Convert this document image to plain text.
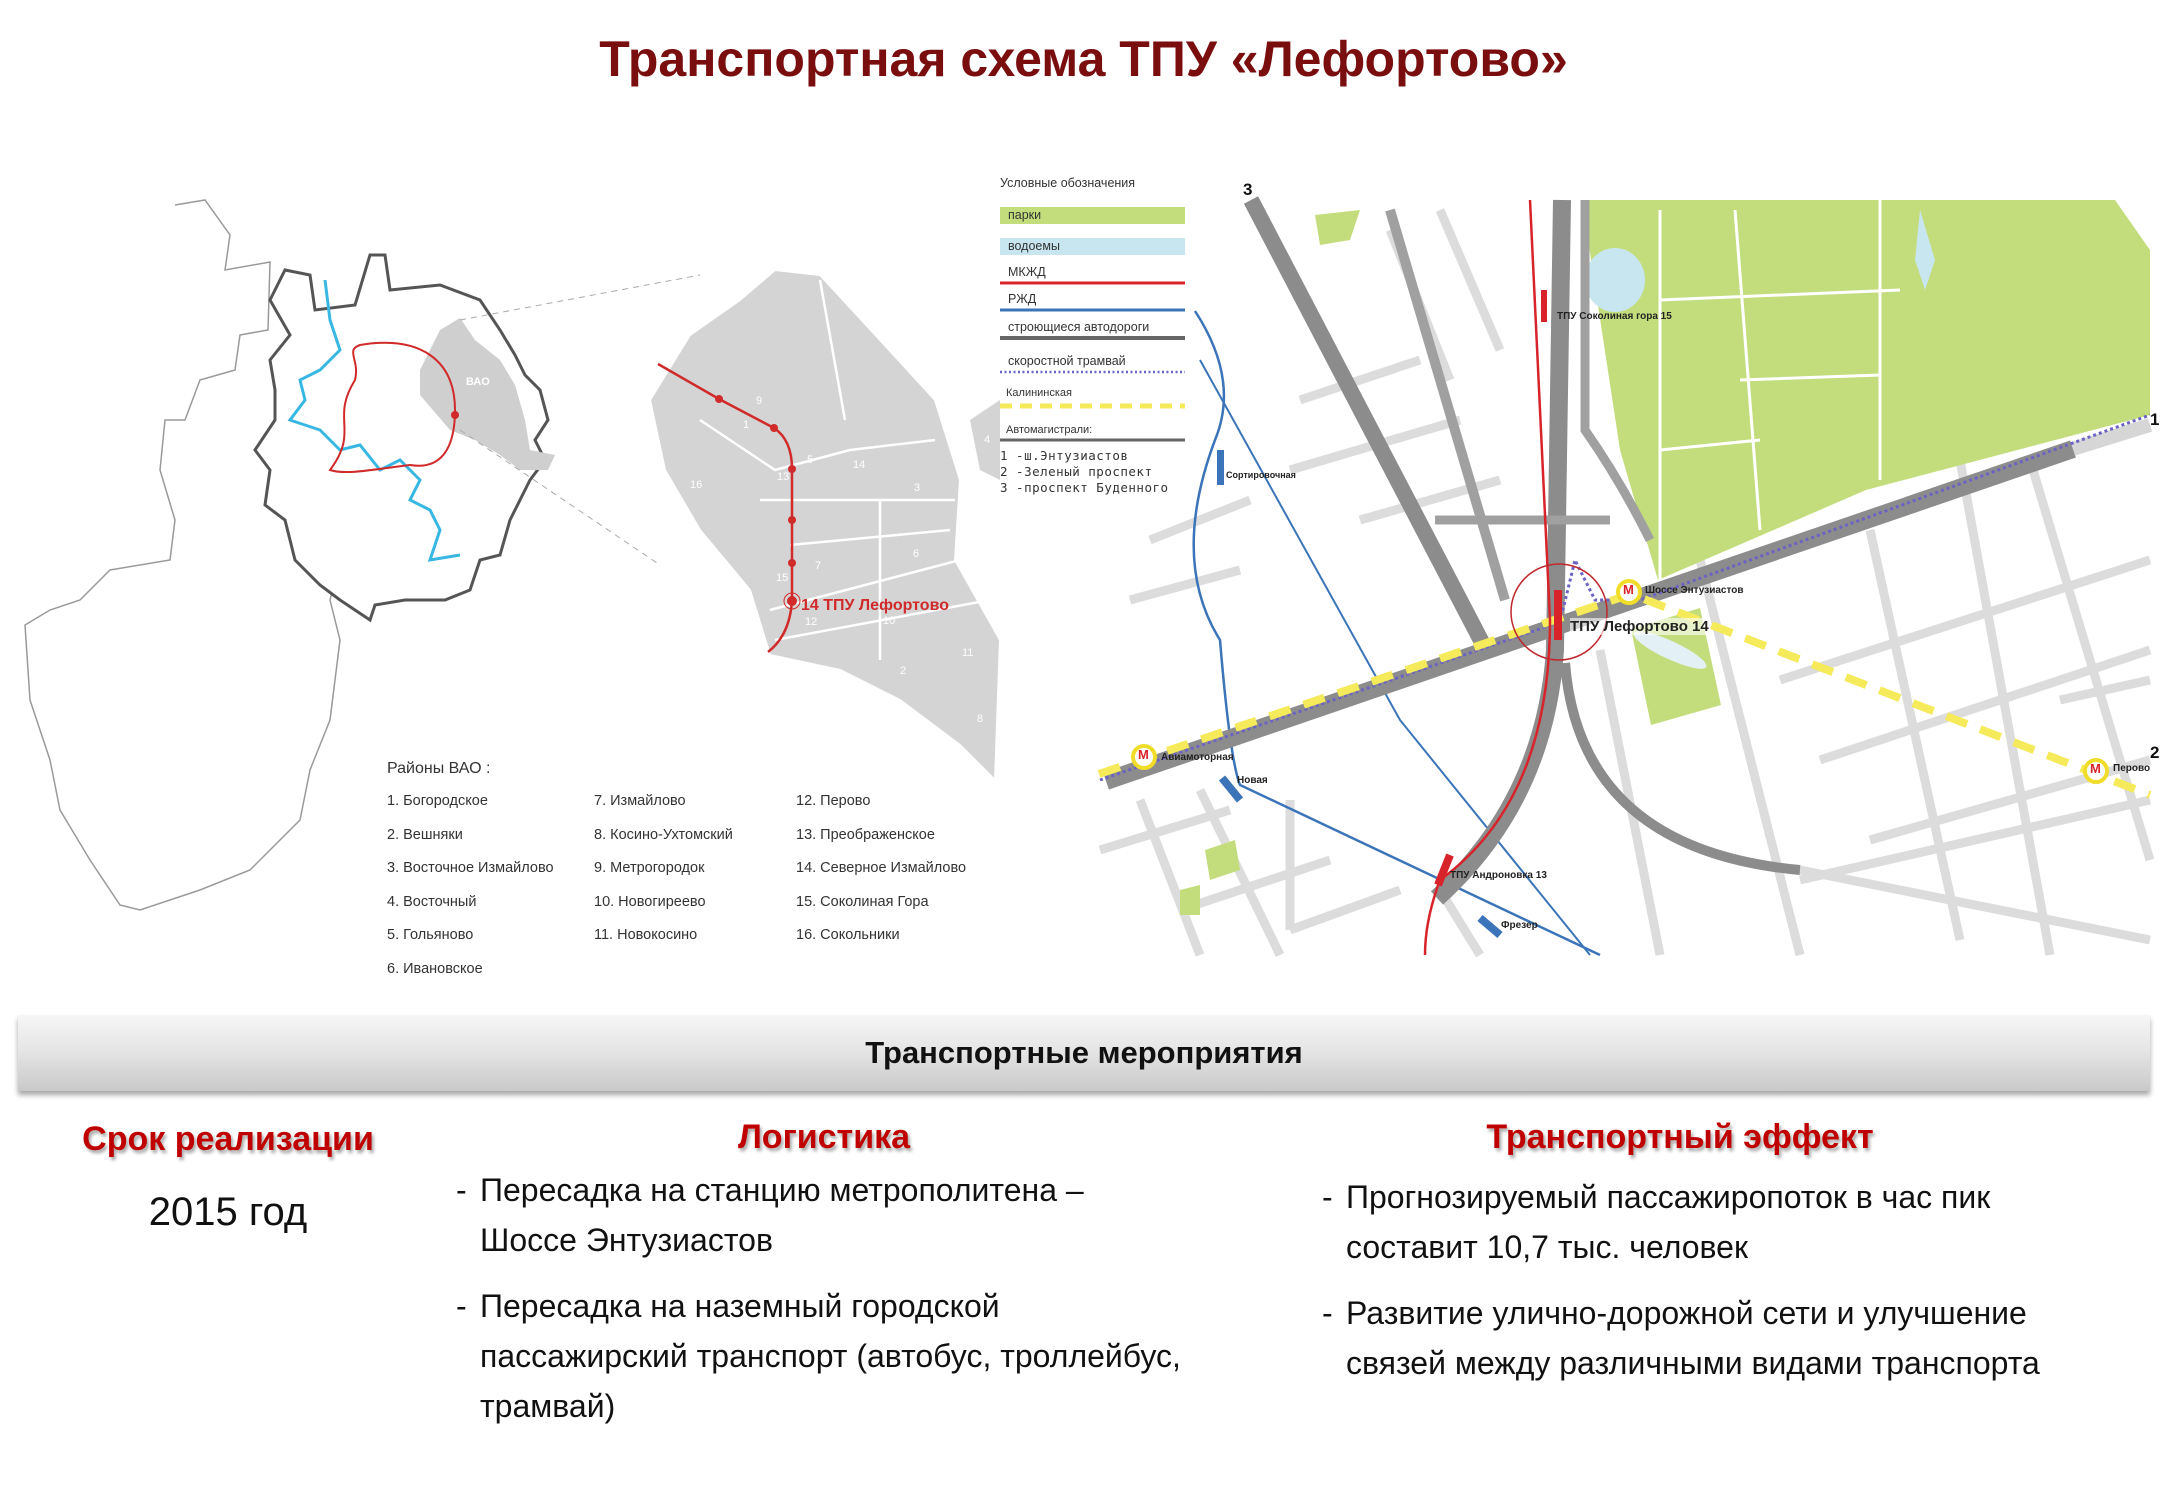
Транспортная схема ТПУ «Лефортово»
ВАО
9
1
5	14
16
13
3
6
7
15
12	10
11
4
2
8
14 ТПУ Лефортово
Районы ВАО :
1. Богородское
2. Вешняки
3. Восточное Измайлово
4. Восточный
5. Гольяново
6. Ивановское
7. Измайлово
8. Косино-Ухтомский
9. Метрогородок
10. Новогиреево
11. Новокосино
12. Перово
13. Преображенское
14. Северное Измайлово
15. Соколиная Гора
16. Сокольники
Условные обозначения
парки
водоемы
МКЖД
РЖД
строющиеся автодороги
скоростной трамвай
Калининская
Автомагистрали:
1 -ш.Энтузиастов
2 -Зеленый проспект
3 -проспект Буденного
ТПУ Соколиная гора 15
ТПУ Лефортово 14
ТПУ Андроновка 13
Шоссе Энтузиастов
Авиамоторная
Перово
Сортировочная
Новая
Фрезер
М
М
М
1
2
3
Транспортные мероприятия
Срок реализации
2015 год
Логистика
- Пересадка на станцию метрополитена –
Шоссе Энтузиастов
- Пересадка на наземный городской
пассажирский транспорт (автобус, троллейбус,
трамвай)
Транспортный эффект
- Прогнозируемый пассажиропоток в час пик
составит 10,7 тыс. человек
- Развитие улично-дорожной сети и улучшение
связей между различными видами транспорта
